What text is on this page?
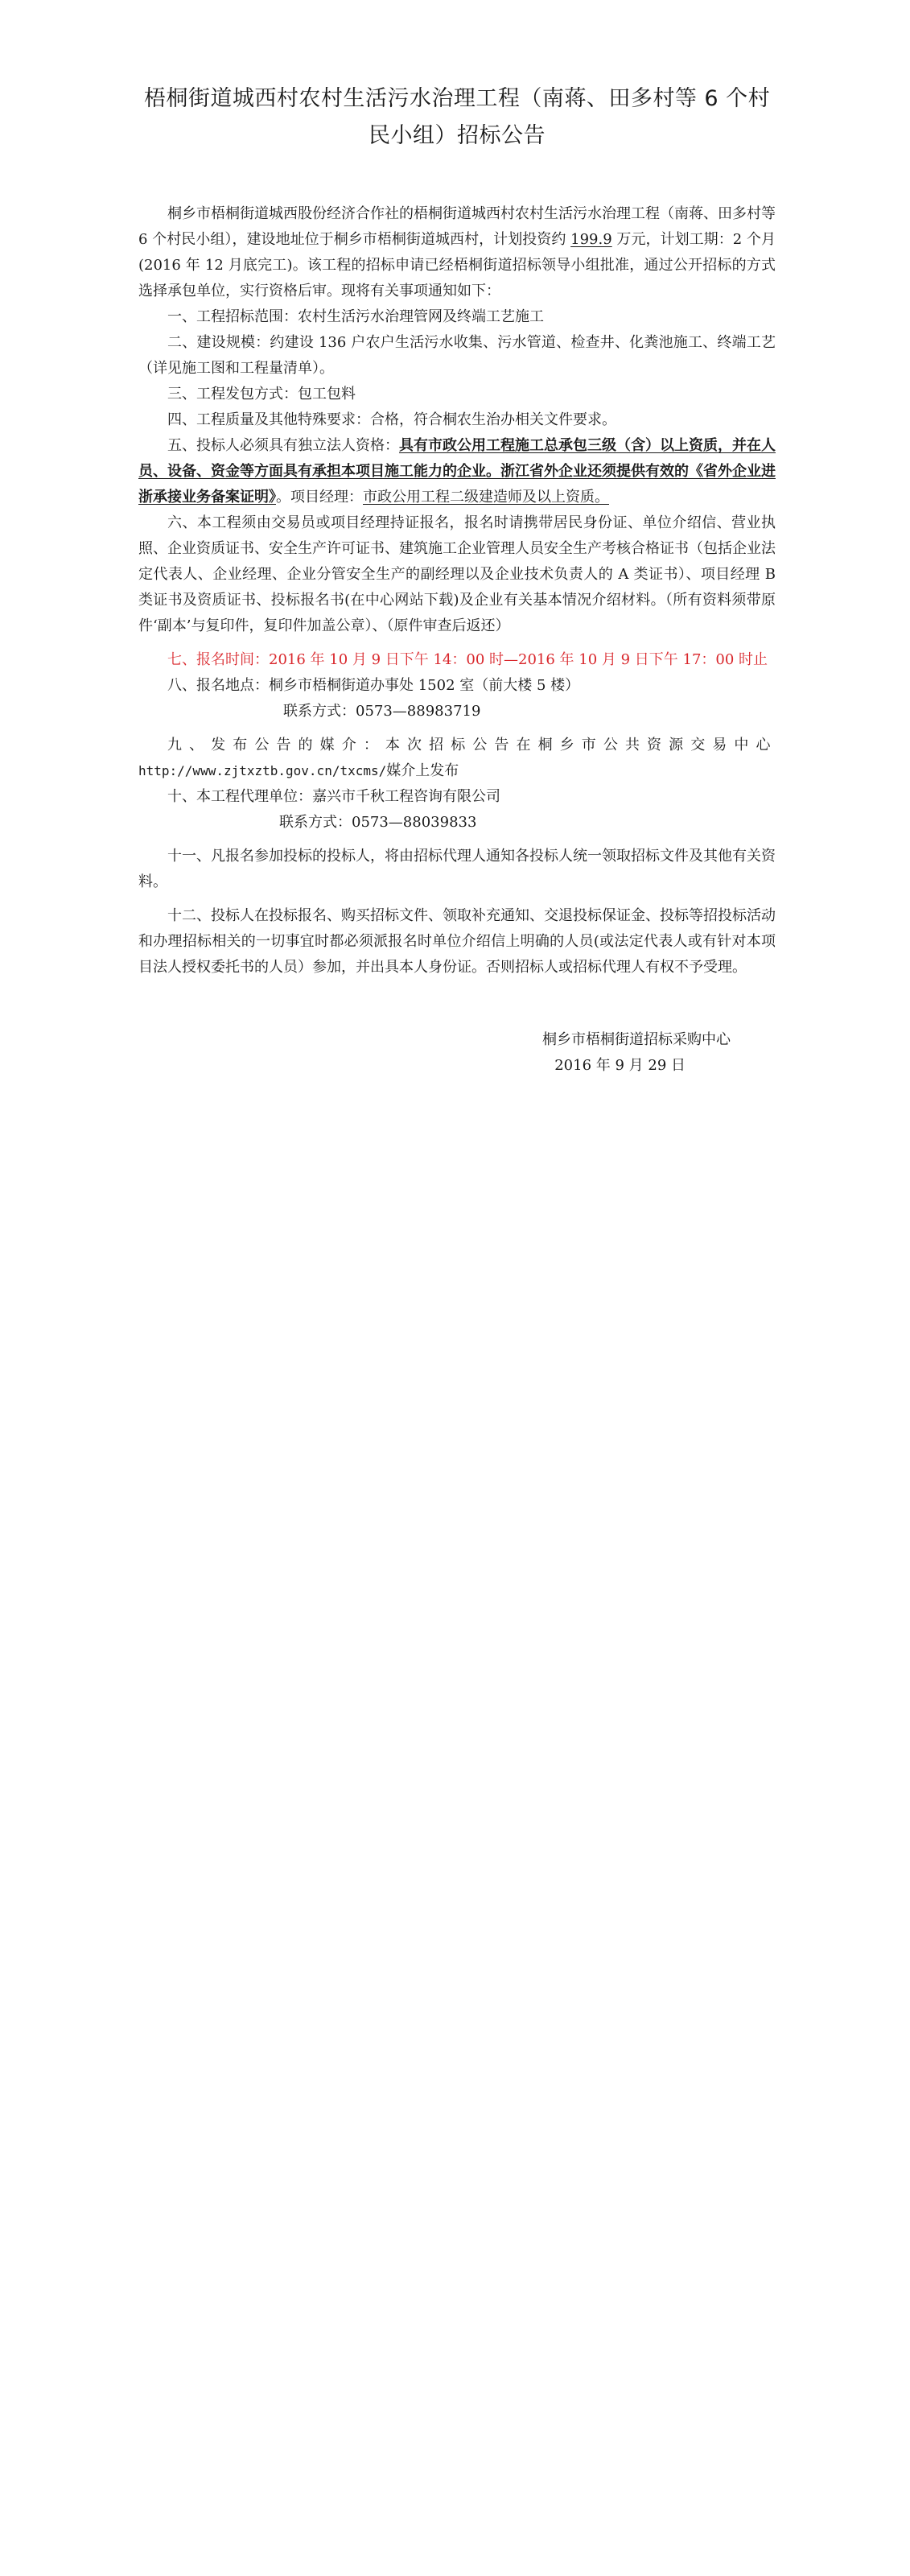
梧桐街道城西村农村生活污水治理工程（南蒋、田多村等 6 个村
民小组）招标公告

桐乡市梧桐街道城西股份经济合作社的梧桐街道城西村农村生活污水治理工程（南蒋、田多村等 6 个村民小组），建设地址位于桐乡市梧桐街道城西村，计划投资约 199.9 万元，计划工期：2 个月(2016 年 12 月底完工)。该工程的招标申请已经梧桐街道招标领导小组批准，通过公开招标的方式选择承包单位，实行资格后审。现将有关事项通知如下：

一、工程招标范围：农村生活污水治理管网及终端工艺施工

二、建设规模：约建设 136 户农户生活污水收集、污水管道、检查井、化粪池施工、终端工艺（详见施工图和工程量清单）。

三、工程发包方式：包工包料

四、工程质量及其他特殊要求：合格，符合桐农生治办相关文件要求。

五、投标人必须具有独立法人资格：具有市政公用工程施工总承包三级（含）以上资质，并在人员、设备、资金等方面具有承担本项目施工能力的企业。浙江省外企业还须提供有效的《省外企业进浙承接业务备案证明》。项目经理：市政公用工程二级建造师及以上资质。

六、本工程须由交易员或项目经理持证报名，报名时请携带居民身份证、单位介绍信、营业执照、企业资质证书、安全生产许可证书、建筑施工企业管理人员安全生产考核合格证书（包括企业法定代表人、企业经理、企业分管安全生产的副经理以及企业技术负责人的 A 类证书）、项目经理 B 类证书及资质证书、投标报名书(在中心网站下载)及企业有关基本情况介绍材料。（所有资料须带原件‘副本’与复印件，复印件加盖公章）、（原件审查后返还）

七、报名时间：2016 年 10 月 9 日下午 14：00 时—2016 年 10 月 9 日下午 17：00 时止

八、报名地点：桐乡市梧桐街道办事处 1502 室（前大楼 5 楼）

联系方式：0573—88983719

九、发布公告的媒介：本次招标公告在桐乡市公共资源交易中心http://www.zjtxztb.gov.cn/txcms/媒介上发布

十、本工程代理单位：嘉兴市千秋工程咨询有限公司

联系方式：0573—88039833

十一、凡报名参加投标的投标人，将由招标代理人通知各投标人统一领取招标文件及其他有关资料。

十二、投标人在投标报名、购买招标文件、领取补充通知、交退投标保证金、投标等招投标活动和办理招标相关的一切事宜时都必须派报名时单位介绍信上明确的人员(或法定代表人或有针对本项目法人授权委托书的人员）参加，并出具本人身份证。否则招标人或招标代理人有权不予受理。

桐乡市梧桐街道招标采购中心
2016 年 9 月 29 日
